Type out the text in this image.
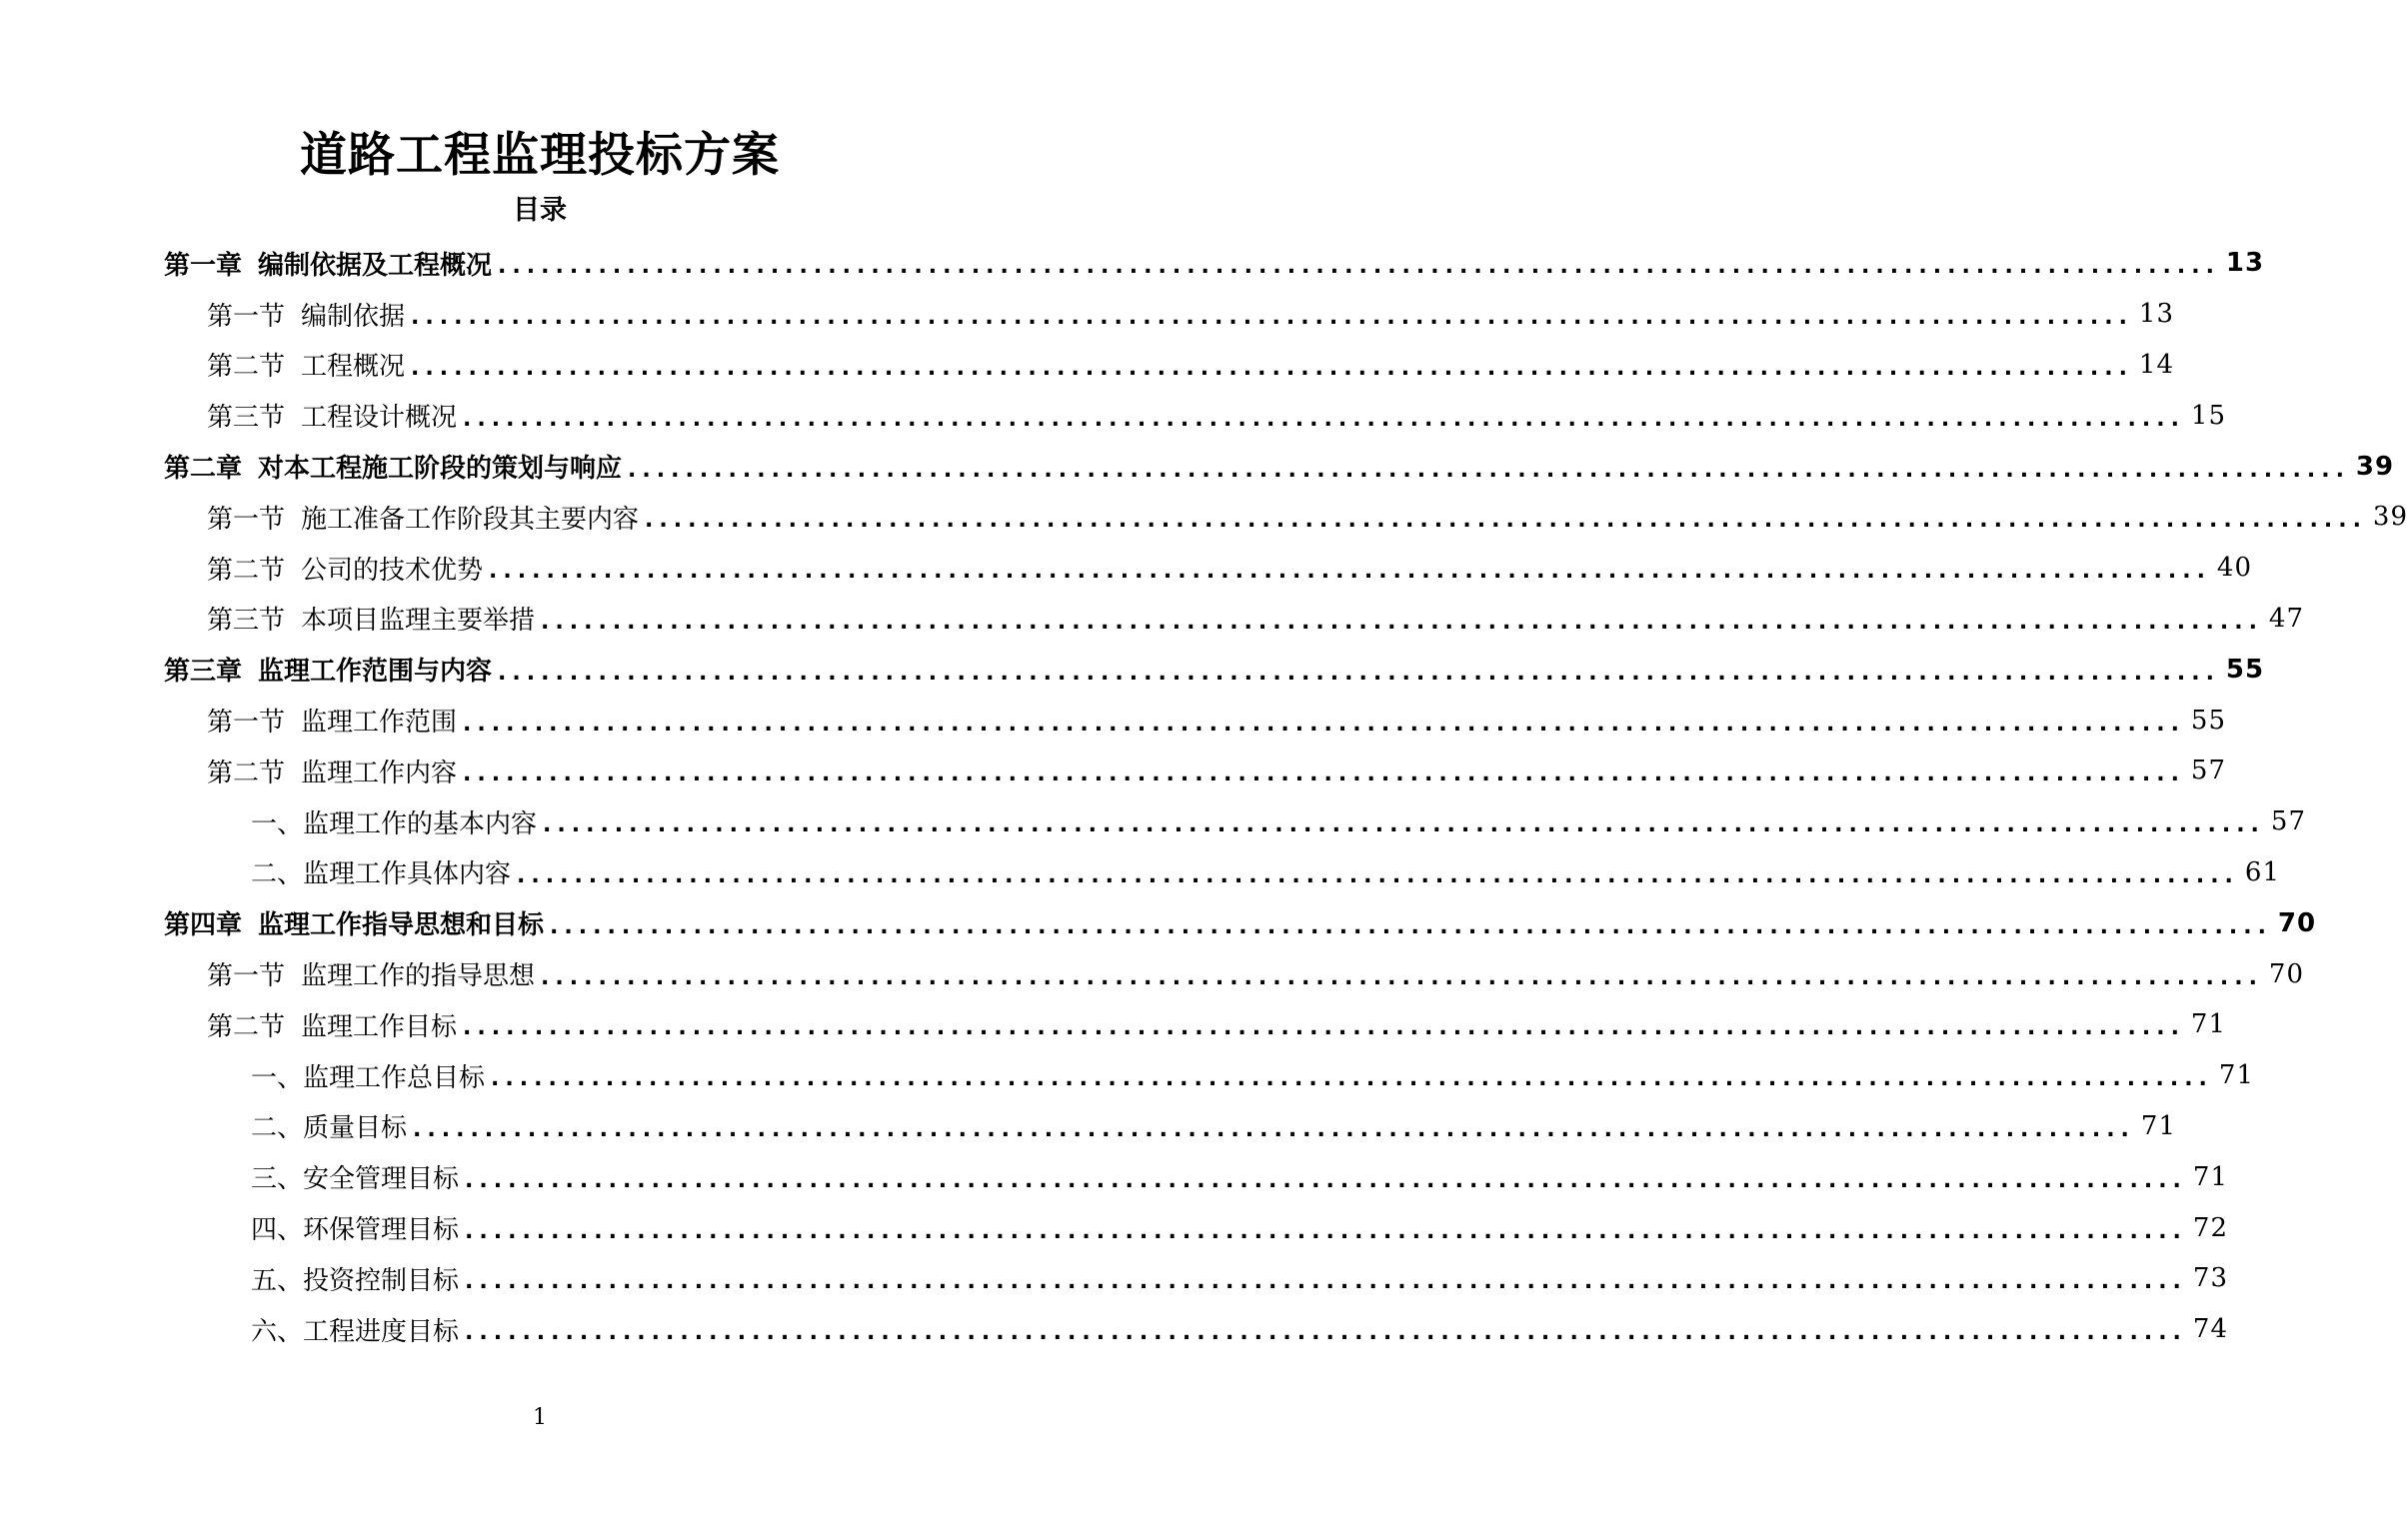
道路工程监理投标方案
目录
第一章 编制依据及工程概况 ........................................................................................................................ 13
第一节 编制依据 ........................................................................................................................ 13
第二节 工程概况 ........................................................................................................................ 14
第三节 工程设计概况 ........................................................................................................................ 15
第二章 对本工程施工阶段的策划与响应 ........................................................................................................................ 39
第一节 施工准备工作阶段其主要内容 ........................................................................................................................ 39
第二节 公司的技术优势 ........................................................................................................................ 40
第三节 本项目监理主要举措 ........................................................................................................................ 47
第三章 监理工作范围与内容 ........................................................................................................................ 55
第一节 监理工作范围 ........................................................................................................................ 55
第二节 监理工作内容 ........................................................................................................................ 57
一、监理工作的基本内容 ........................................................................................................................ 57
二、监理工作具体内容 ........................................................................................................................ 61
第四章 监理工作指导思想和目标 ........................................................................................................................ 70
第一节 监理工作的指导思想 ........................................................................................................................ 70
第二节 监理工作目标 ........................................................................................................................ 71
一、监理工作总目标 ........................................................................................................................ 71
二、质量目标 ........................................................................................................................ 71
三、安全管理目标 ........................................................................................................................ 71
四、环保管理目标 ........................................................................................................................ 72
五、投资控制目标 ........................................................................................................................ 73
六、工程进度目标 ........................................................................................................................ 74
1
